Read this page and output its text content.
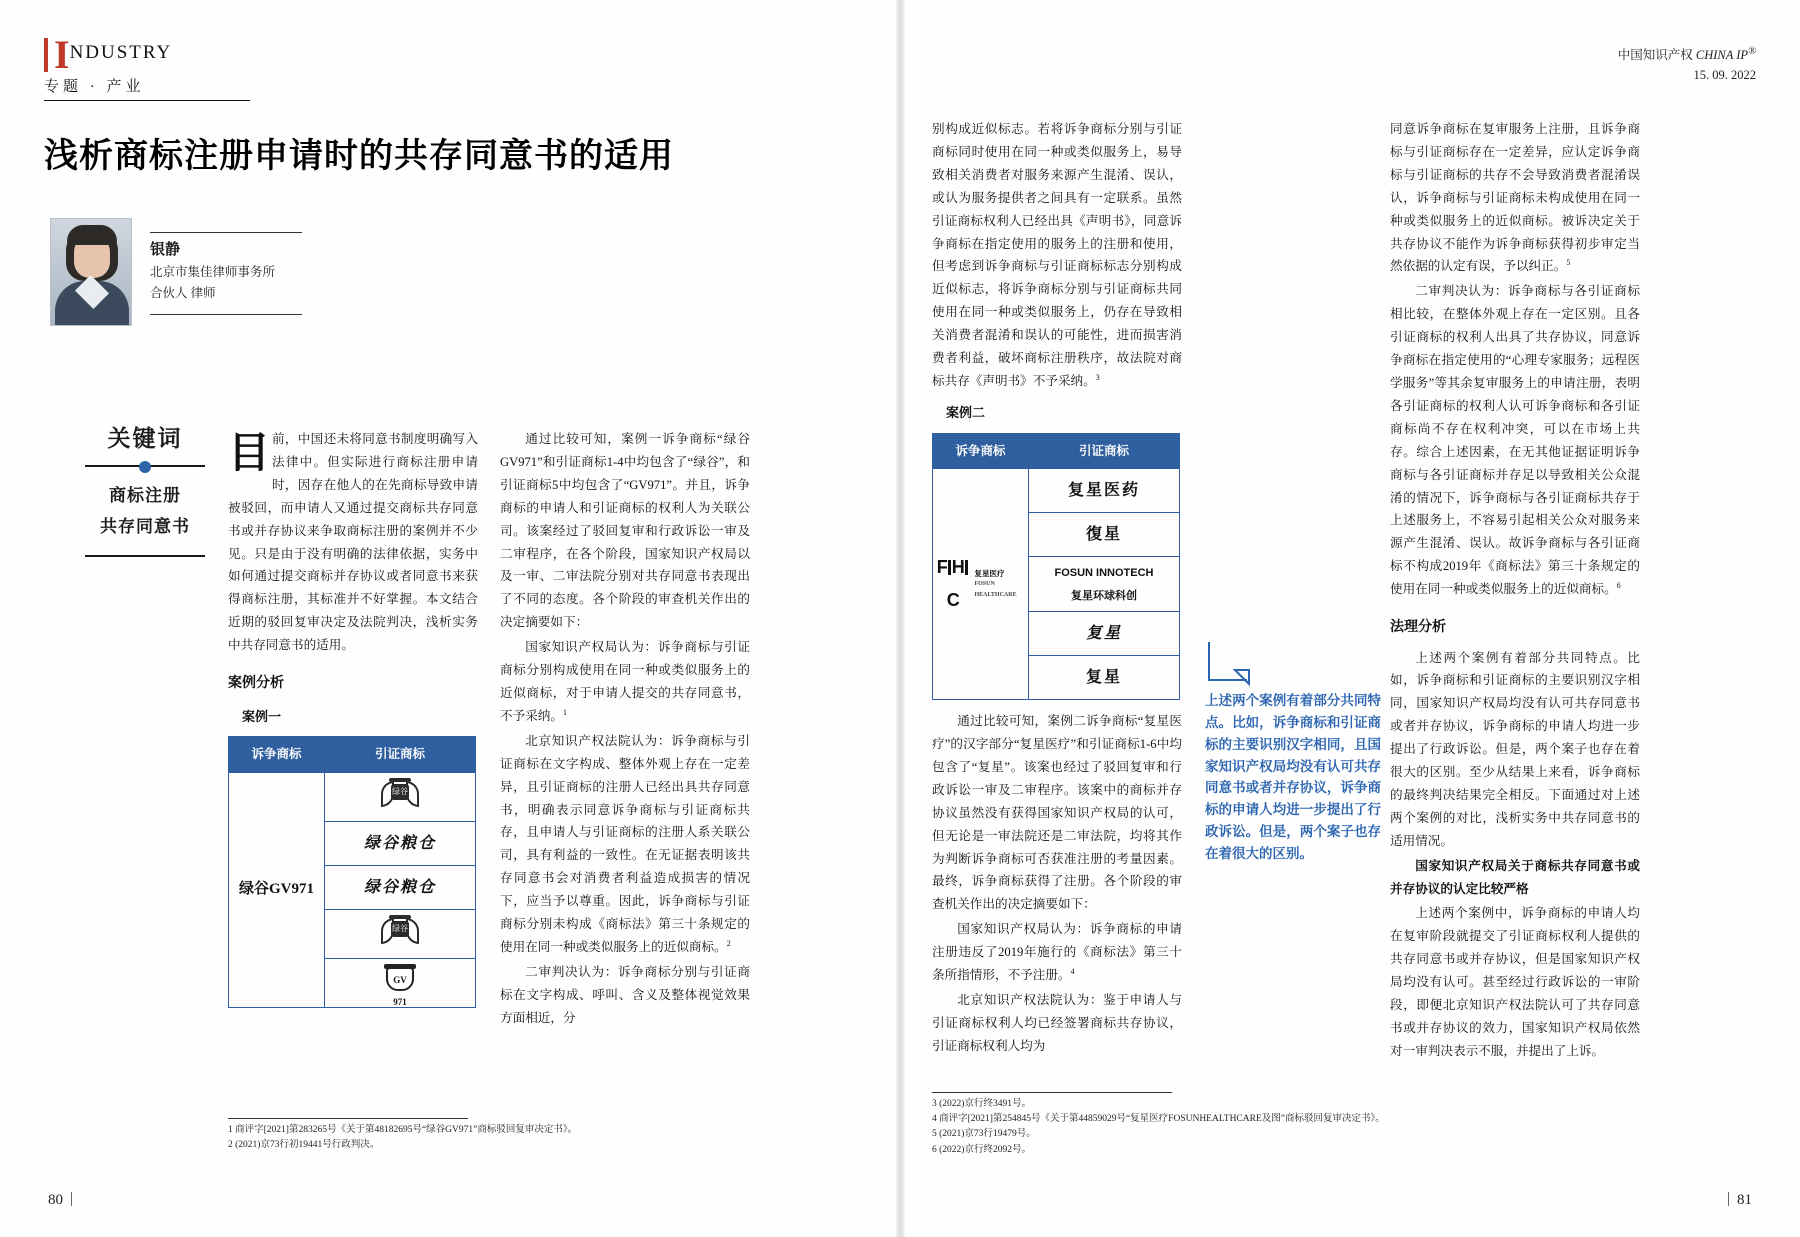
INDUSTRY
专题 · 产业
中国知识产权 CHINA IP®
15. 09. 2022
浅析商标注册申请时的共存同意书的适用
银静
北京市集佳律师事务所
合伙人 律师
关键词
商标注册
共存同意书

目前，中国还未将同意书制度明确写入法律中。但实际进行商标注册申请时，因存在他人的在先商标导致申请被驳回，而申请人又通过提交商标共存同意书或并存协议来争取商标注册的案例并不少见。只是由于没有明确的法律依据，实务中如何通过提交商标并存协议或者同意书来获得商标注册，其标准并不好掌握。本文结合近期的驳回复审决定及法院判决，浅析实务中共存同意书的适用。

案例分析
案例一
诉争商标	引证商标
绿谷GV971	绿谷

	绿谷粮仓
	绿谷粮仓

	绿谷

	GV
971

通过比较可知，案例一诉争商标“绿谷GV971”和引证商标1-4中均包含了“绿谷”，和引证商标5中均包含了“GV971”。并且，诉争商标的申请人和引证商标的权利人为关联公司。该案经过了驳回复审和行政诉讼一审及二审程序，在各个阶段，国家知识产权局以及一审、二审法院分别对共存同意书表现出了不同的态度。各个阶段的审查机关作出的决定摘要如下：

国家知识产权局认为：诉争商标与引证商标分别构成使用在同一种或类似服务上的近似商标，对于申请人提交的共存同意书，不予采纳。$^1$

北京知识产权法院认为：诉争商标与引证商标在文字构成、整体外观上存在一定差异，且引证商标的注册人已经出具共存同意书，明确表示同意诉争商标与引证商标共存，且申请人与引证商标的注册人系关联公司，具有利益的一致性。在无证据表明该共存同意书会对消费者利益造成损害的情况下，应当予以尊重。因此，诉争商标与引证商标分别未构成《商标法》第三十条规定的使用在同一种或类似服务上的近似商标。$^2$

二审判决认为：诉争商标分别与引证商标在文字构成、呼叫、含义及整体视觉效果方面相近，分

别构成近似标志。若将诉争商标分别与引证商标同时使用在同一种或类似服务上，易导致相关消费者对服务来源产生混淆、误认，或认为服务提供者之间具有一定联系。虽然引证商标权利人已经出具《声明书》，同意诉争商标在指定使用的服务上的注册和使用，但考虑到诉争商标与引证商标标志分别构成近似标志，将诉争商标分别与引证商标共同使用在同一种或类似服务上，仍存在导致相关消费者混淆和误认的可能性，进而损害消费者利益，破坏商标注册秩序，故法院对商标共存《声明书》不予采纳。$^3$

案例二
诉争商标	引证商标

F HC
复星医疗
FOSUN HEALTHCARE	复星医药
	復星
	FOSUN INNOTECH
复星环球科创
	复星
	复星

通过比较可知，案例二诉争商标“复星医疗”的汉字部分“复星医疗”和引证商标1-6中均包含了“复星”。该案也经过了驳回复审和行政诉讼一审及二审程序。该案中的商标并存协议虽然没有获得国家知识产权局的认可，但无论是一审法院还是二审法院，均将其作为判断诉争商标可否获准注册的考量因素。最终，诉争商标获得了注册。各个阶段的审查机关作出的决定摘要如下：

国家知识产权局认为：诉争商标的申请注册违反了2019年施行的《商标法》第三十条所指情形，不予注册。$^4$

北京知识产权法院认为：鉴于申请人与引证商标权利人均已经签署商标共存协议，引证商标权利人均为

同意诉争商标在复审服务上注册，且诉争商标与引证商标存在一定差异，应认定诉争商标与引证商标的共存不会导致消费者混淆误认，诉争商标与引证商标未构成使用在同一种或类似服务上的近似商标。被诉决定关于共存协议不能作为诉争商标获得初步审定当然依据的认定有误，予以纠正。$^5$

二审判决认为：诉争商标与各引证商标相比较，在整体外观上存在一定区别。且各引证商标的权利人出具了共存协议，同意诉争商标在指定使用的“心理专家服务；远程医学服务”等其余复审服务上的申请注册，表明各引证商标的权利人认可诉争商标和各引证商标尚不存在权利冲突，可以在市场上共存。综合上述因素，在无其他证据证明诉争商标与各引证商标并存足以导致相关公众混淆的情况下，诉争商标与各引证商标共存于上述服务上，不容易引起相关公众对服务来源产生混淆、误认。故诉争商标与各引证商标不构成2019年《商标法》第三十条规定的使用在同一种或类似服务上的近似商标。$^6$

法理分析

上述两个案例有着部分共同特点。比如，诉争商标和引证商标的主要识别汉字相同，国家知识产权局均没有认可共存同意书或者并存协议，诉争商标的申请人均进一步提出了行政诉讼。但是，两个案子也存在着很大的区别。至少从结果上来看，诉争商标的最终判决结果完全相反。下面通过对上述两个案例的对比，浅析实务中共存同意书的适用情况。

国家知识产权局关于商标共存同意书或并存协议的认定比较严格

上述两个案例中，诉争商标的申请人均在复审阶段就提交了引证商标权利人提供的共存同意书或并存协议，但是国家知识产权局均没有认可。甚至经过行政诉讼的一审阶段，即便北京知识产权法院认可了共存同意书或并存协议的效力，国家知识产权局依然对一审判决表示不服，并提出了上诉。

上述两个案例有着部分共同特点。比如，诉争商标和引证商标的主要识别汉字相同，且国家知识产权局均没有认可共存同意书或者并存协议，诉争商标的申请人均进一步提出了行政诉讼。但是，两个案子也存在着很大的区别。
1 商评字[2021]第283265号《关于第48182695号“绿谷GV971”商标驳回复审决定书》。
2 (2021)京73行初19441号行政判决。
3 (2022)京行终3491号。
4 商评字[2021]第254845号《关于第44859029号“复星医疗FOSUNHEALTHCARE及图”商标驳回复审决定书》。
5 (2021)京73行19479号。
6 (2022)京行终2092号。
80	81
